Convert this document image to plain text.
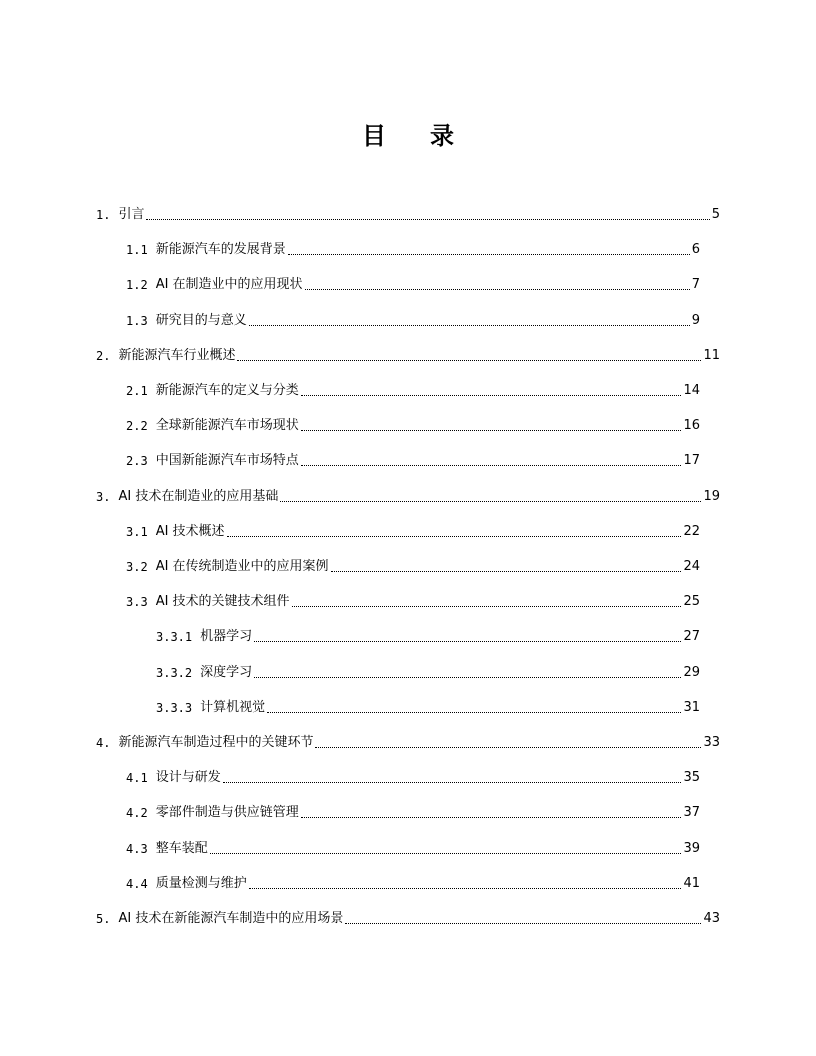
目 录
1. 引言	5
1.1 新能源汽车的发展背景	6
1.2 AI 在制造业中的应用现状	7
1.3 研究目的与意义	9
2. 新能源汽车行业概述	11
2.1 新能源汽车的定义与分类	14
2.2 全球新能源汽车市场现状	16
2.3 中国新能源汽车市场特点	17
3. AI 技术在制造业的应用基础	19
3.1 AI 技术概述	22
3.2 AI 在传统制造业中的应用案例	24
3.3 AI 技术的关键技术组件	25
3.3.1 机器学习	27
3.3.2 深度学习	29
3.3.3 计算机视觉	31
4. 新能源汽车制造过程中的关键环节	33
4.1 设计与研发	35
4.2 零部件制造与供应链管理	37
4.3 整车装配	39
4.4 质量检测与维护	41
5. AI 技术在新能源汽车制造中的应用场景	43
